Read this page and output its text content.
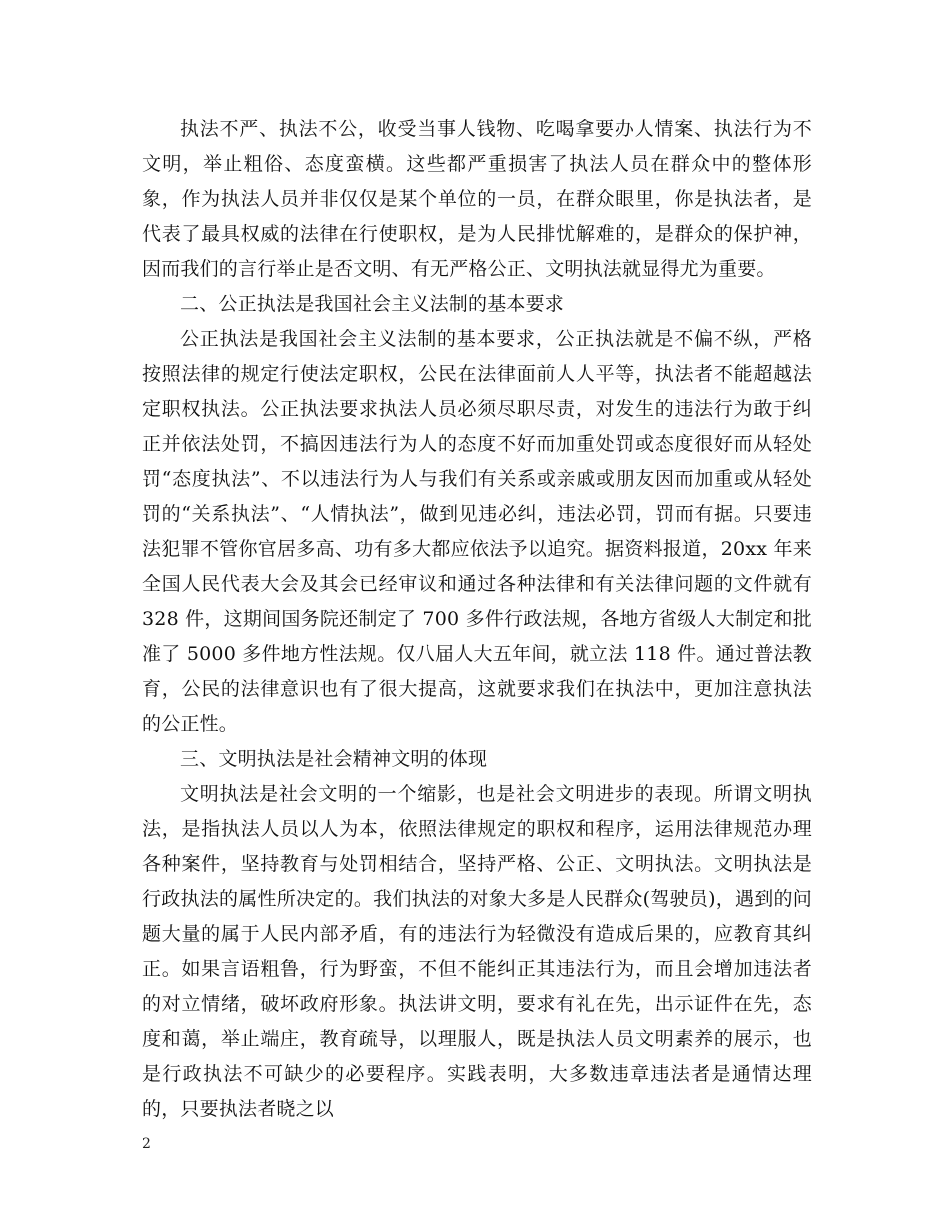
执法不严、执法不公，收受当事人钱物、吃喝拿要办人情案、执法行为不文明，举止粗俗、态度蛮横。这些都严重损害了执法人员在群众中的整体形象，作为执法人员并非仅仅是某个单位的一员，在群众眼里，你是执法者，是代表了最具权威的法律在行使职权，是为人民排忧解难的，是群众的保护神，因而我们的言行举止是否文明、有无严格公正、文明执法就显得尤为重要。

二、公正执法是我国社会主义法制的基本要求

公正执法是我国社会主义法制的基本要求，公正执法就是不偏不纵，严格按照法律的规定行使法定职权，公民在法律面前人人平等，执法者不能超越法定职权执法。公正执法要求执法人员必须尽职尽责，对发生的违法行为敢于纠正并依法处罚，不搞因违法行为人的态度不好而加重处罚或态度很好而从轻处罚“态度执法”、不以违法行为人与我们有关系或亲戚或朋友因而加重或从轻处罚的“关系执法”、“人情执法”，做到见违必纠，违法必罚，罚而有据。只要违法犯罪不管你官居多高、功有多大都应依法予以追究。据资料报道，20xx 年来全国人民代表大会及其会已经审议和通过各种法律和有关法律问题的文件就有 328 件，这期间国务院还制定了 700 多件行政法规，各地方省级人大制定和批准了 5000 多件地方性法规。仅八届人大五年间，就立法 118 件。通过普法教育，公民的法律意识也有了很大提高，这就要求我们在执法中，更加注意执法的公正性。

三、文明执法是社会精神文明的体现

文明执法是社会文明的一个缩影，也是社会文明进步的表现。所谓文明执法，是指执法人员以人为本，依照法律规定的职权和程序，运用法律规范办理各种案件，坚持教育与处罚相结合，坚持严格、公正、文明执法。文明执法是行政执法的属性所决定的。我们执法的对象大多是人民群众(驾驶员)，遇到的问题大量的属于人民内部矛盾，有的违法行为轻微没有造成后果的，应教育其纠正。如果言语粗鲁，行为野蛮，不但不能纠正其违法行为，而且会增加违法者的对立情绪，破坏政府形象。执法讲文明，要求有礼在先，出示证件在先，态度和蔼，举止端庄，教育疏导，以理服人，既是执法人员文明素养的展示，也是行政执法不可缺少的必要程序。实践表明，大多数违章违法者是通情达理的，只要执法者晓之以

2
